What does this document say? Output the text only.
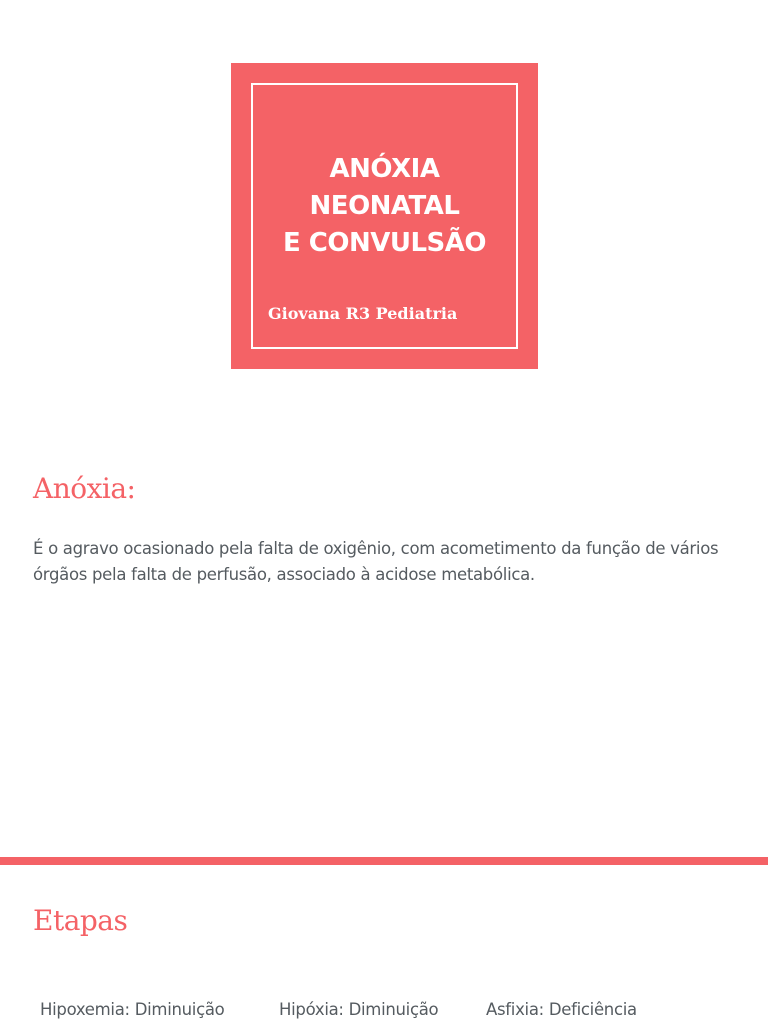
ANÓXIA
NEONATAL
E CONVULSÃO
Giovana R3 Pediatria
Anóxia:

É o agravo ocasionado pela falta de oxigênio, com acometimento da função de vários órgãos pela falta de perfusão, associado à acidose metabólica.

Etapas
Hipoxemia: Diminuição	Hipóxia: Diminuição	Asfixia: Deficiência
